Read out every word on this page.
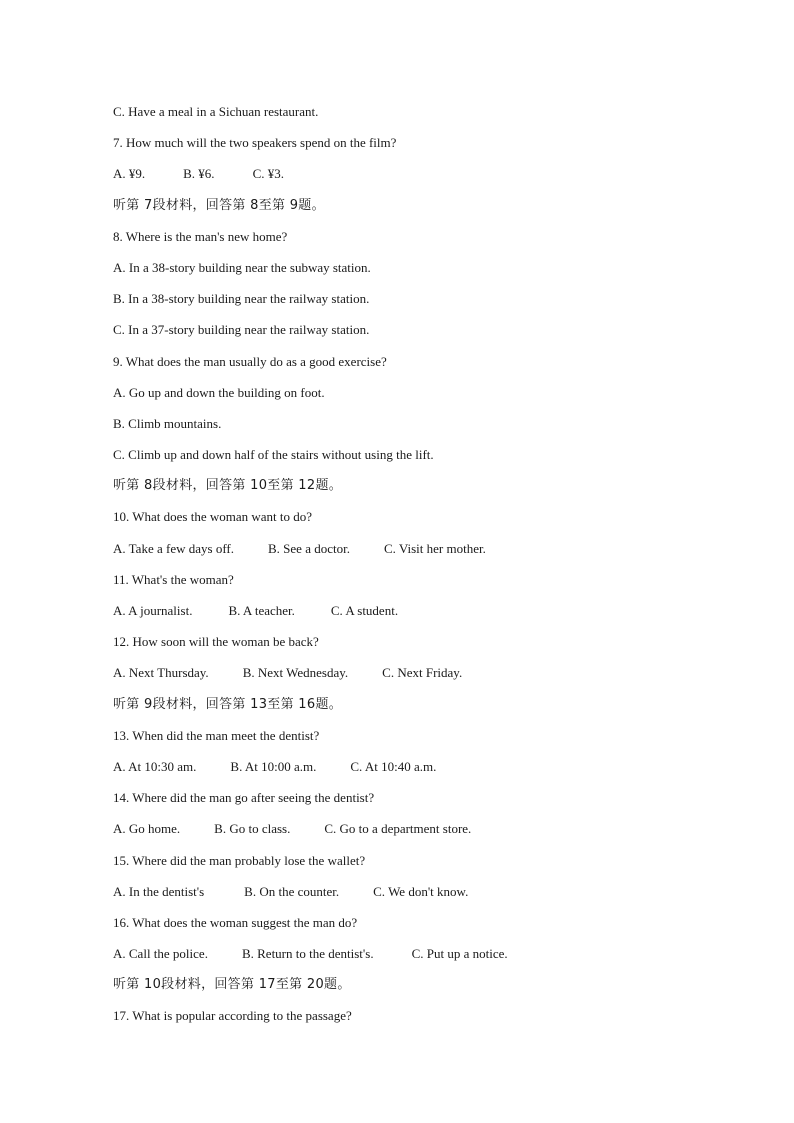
C. Have a meal in a Sichuan restaurant.
7. How much will the two speakers spend on the film?
A. ¥9.	B. ¥6.	C. ¥3.
听第 7段材料，回答第 8至第 9题。
8. Where is the man's new home?
A. In a 38-story building near the subway station.
B. In a 38-story building near the railway station.
C. In a 37-story building near the railway station.
9. What does the man usually do as a good exercise?
A. Go up and down the building on foot.
B. Climb mountains.
C. Climb up and down half of the stairs without using the lift.
听第 8段材料，回答第 10至第 12题。
10. What does the woman want to do?
A. Take a few days off.	B. See a doctor.	C. Visit her mother.
11. What's the woman?
A. A journalist.	B. A teacher.	C. A student.
12. How soon will the woman be back?
A. Next Thursday.	B. Next Wednesday.	C. Next Friday.
听第 9段材料，回答第 13至第 16题。
13. When did the man meet the dentist?
A. At 10:30 am.	B. At 10:00 a.m.	C. At 10:40 a.m.
14. Where did the man go after seeing the dentist?
A. Go home.	B. Go to class.	C. Go to a department store.
15. Where did the man probably lose the wallet?
A. In the dentist's	B. On the counter.	C. We don't know.
16. What does the woman suggest the man do?
A. Call the police.	B. Return to the dentist's.	C. Put up a notice.
听第 10段材料，回答第 17至第 20题。
17. What is popular according to the passage?
